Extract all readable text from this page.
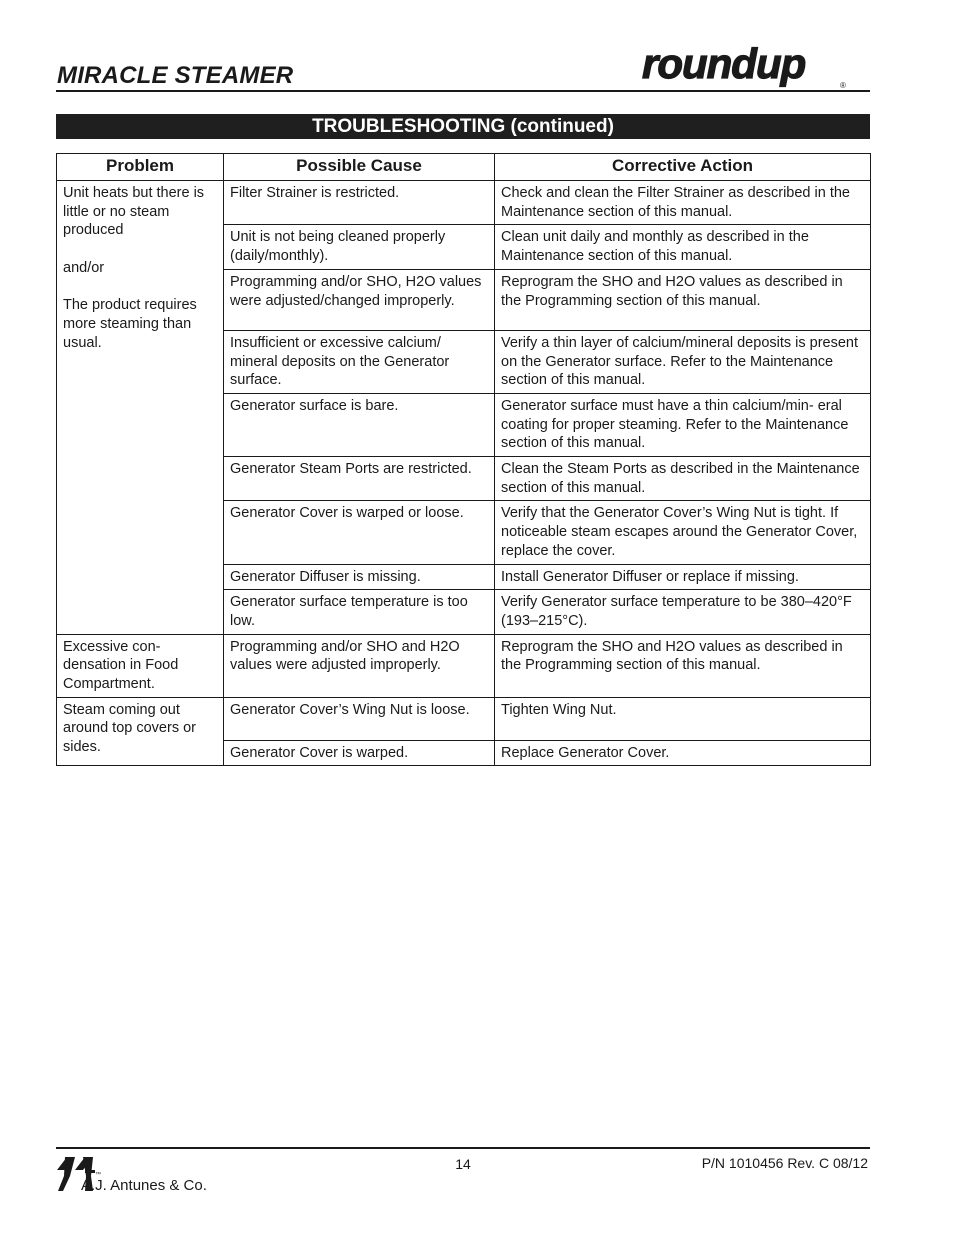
MIRACLE STEAMER	roundup	®
TROUBLESHOOTING (continued)
Problem	Possible Cause	Corrective Action
Unit heats but there is little or no steam produced

and/or

The product requires more steaming than usual.	Filter Strainer is restricted.	Check and clean the Filter Strainer as described in the Maintenance section of this manual.
	Unit is not being cleaned properly (daily/monthly).	Clean unit daily and monthly as described in the Maintenance section of this manual.
	Programming and/or SHO, H2O values were adjusted/changed improperly.	Reprogram the SHO and H2O values as described in the Programming section of this manual.
	Insufficient or excessive calcium/ mineral deposits on the Generator surface.	Verify a thin layer of calcium/mineral deposits is present on the Generator surface. Refer to the Maintenance section of this manual.
	Generator surface is bare.	Generator surface must have a thin calcium/min- eral coating for proper steaming. Refer to the Maintenance section of this manual.
	Generator Steam Ports are restricted.	Clean the Steam Ports as described in the Maintenance section of this manual.
	Generator Cover is warped or loose.	Verify that the Generator Cover’s Wing Nut is tight. If noticeable steam escapes around the Generator Cover, replace the cover.
	Generator Diffuser is missing.	Install Generator Diffuser or replace if missing.
	Generator surface temperature is too low.	Verify Generator surface temperature to be 380–420°F (193–215°C).
Excessive con- densation in Food Compartment.	Programming and/or SHO and H2O values were adjusted improperly.	Reprogram the SHO and H2O values as described in the Programming section of this manual.
Steam coming out around top covers or sides.	Generator Cover’s Wing Nut is loose.	Tighten Wing Nut.
	Generator Cover is warped.	Replace Generator Cover.
™
A.J. Antunes & Co.
14	P/N 1010456 Rev. C 08/12
